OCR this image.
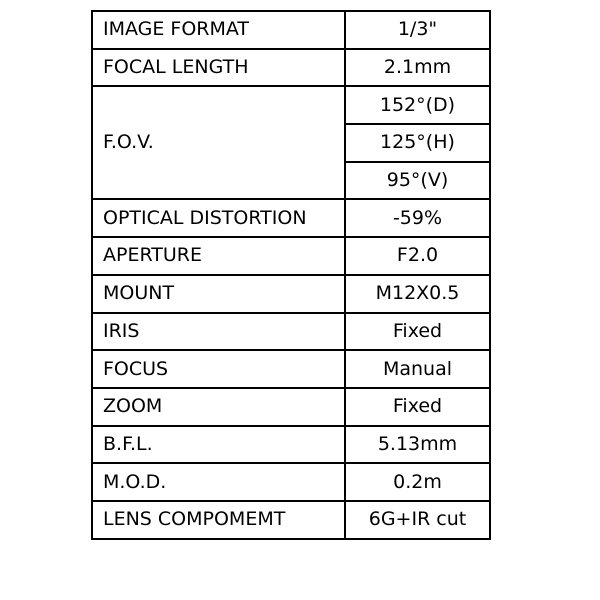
IMAGE FORMAT	1/3"
FOCAL LENGTH	2.1mm
F.O.V.	152°(D)
	125°(H)
	95°(V)
OPTICAL DISTORTION	-59%
APERTURE	F2.0
MOUNT	M12X0.5
IRIS	Fixed
FOCUS	Manual
ZOOM	Fixed
B.F.L.	5.13mm
M.O.D.	0.2m
LENS COMPOMEMT	6G+IR cut
